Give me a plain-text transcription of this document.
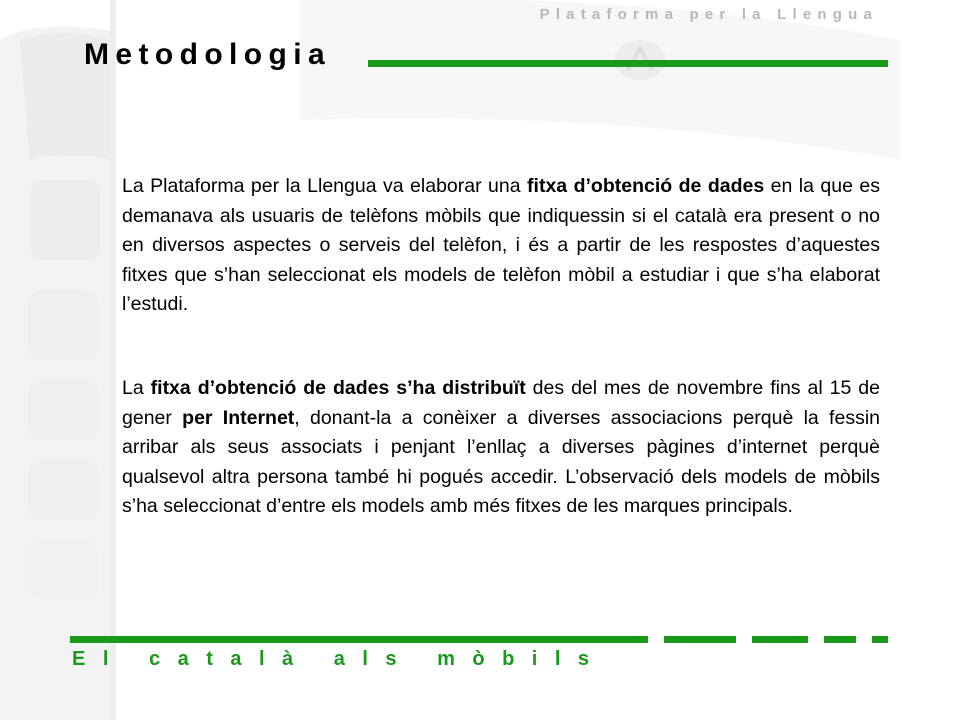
Plataforma per la Llengua
Metodologia

La Plataforma per la Llengua va elaborar una fitxa d’obtenció de dades en la que es demanava als usuaris de telèfons mòbils que indiquessin si el català era present o no en diversos aspectes o serveis del telèfon, i és a partir de les respostes d’aquestes fitxes que s’han seleccionat els models de telèfon mòbil a estudiar i que s’ha elaborat l’estudi.

La fitxa d’obtenció de dades s’ha distribuït des del mes de novembre fins al 15 de gener per Internet, donant-la a conèixer a diverses associacions perquè la fessin arribar als seus associats i penjant l’enllaç a diverses pàgines d’internet perquè qualsevol altra persona també hi pogués accedir. L’observació dels models de mòbils s’ha seleccionat d’entre els models amb més fitxes de les marques principals.

El català als mòbils
